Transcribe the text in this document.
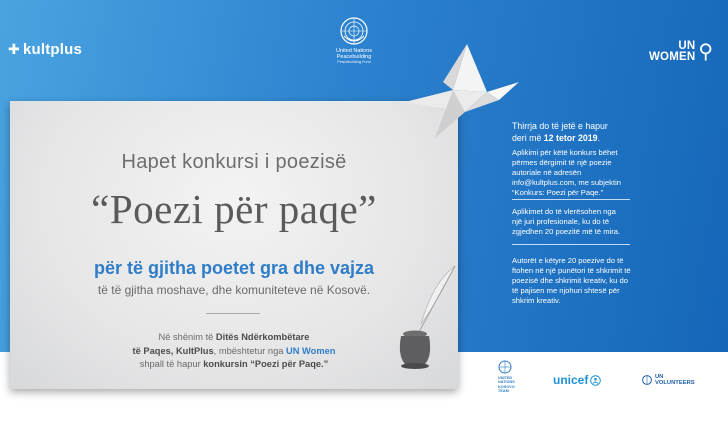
✚ kultplus	United Nations Peacebuilding
Peacebuilding Fund
UN
WOMEN ⚲
Hapet konkursi i poezisë
“Poezi për paqe”
për të gjitha poetet gra dhe vajza
të të gjitha moshave, dhe komuniteteve në Kosovë.
Në shënim të Ditës Ndërkombëtare
të Paqes, KultPlus, mbështetur nga UN Women
shpall të hapur konkursin “Poezi për Paqe.”
Thirrja do të jetë e hapur
deri më 12 tetor 2019.
Aplikimi për këtë konkurs bëhet përmes dërgimit të një poezie autoriale në adresën info@kultplus.com, me subjektin “Konkurs: Poezi për Paqe.”
Aplikimet do të vlerësohen nga një juri profesionale, ku do të zgjedhen 20 poezitë më të mira.
Autorët e këtyre 20 poezive do të ftohen në një punëtori të shkrimit të poezisë dhe shkrimit kreativ, ku do të pajisen me njohuri shtesë për shkrim kreativ.
UNITED
NATIONS
KOSOVO
TEAM
unicef	UN
VOLUNTEERS
